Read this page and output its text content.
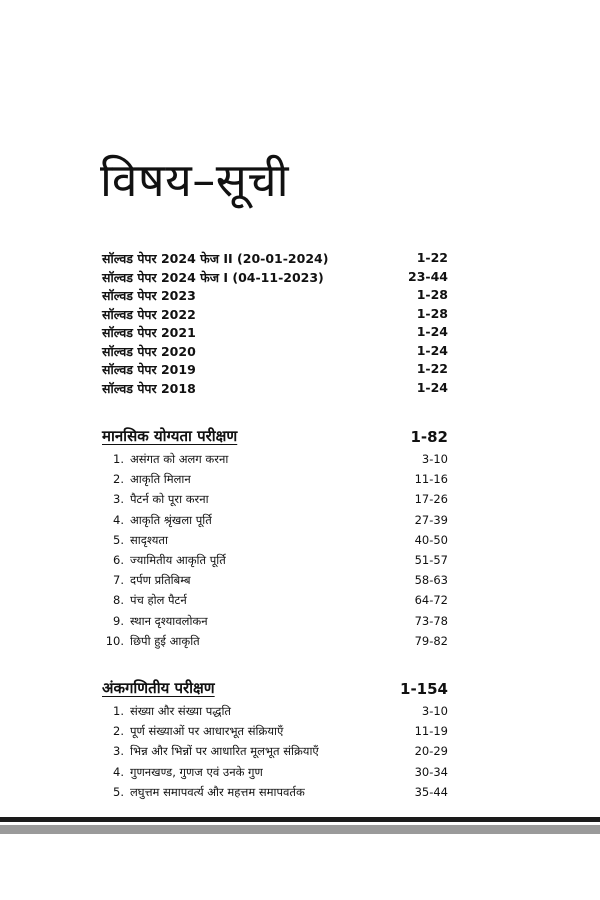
विषय–सूची
सॉल्वड पेपर 2024 फेज II (20-01-2024)	1-22
सॉल्वड पेपर 2024 फेज I (04-11-2023)	23-44
सॉल्वड पेपर 2023	1-28
सॉल्वड पेपर 2022	1-28
सॉल्वड पेपर 2021	1-24
सॉल्वड पेपर 2020	1-24
सॉल्वड पेपर 2019	1-22
सॉल्वड पेपर 2018	1-24
मानसिक योग्यता परीक्षण	1-82
1. असंगत को अलग करना	3-10
2. आकृति मिलान	11-16
3. पैटर्न को पूरा करना	17-26
4. आकृति श्रृंखला पूर्ति	27-39
5. सादृश्यता	40-50
6. ज्यामितीय आकृति पूर्ति	51-57
7. दर्पण प्रतिबिम्ब	58-63
8. पंच होल पैटर्न	64-72
9. स्थान दृश्यावलोकन	73-78
10. छिपी हुई आकृति	79-82
अंकगणितीय परीक्षण	1-154
1. संख्या और संख्या पद्धति	3-10
2. पूर्ण संख्याओं पर आधारभूत संक्रियाएँ	11-19
3. भिन्न और भिन्नों पर आधारित मूलभूत संक्रियाएँ	20-29
4. गुणनखण्ड, गुणज एवं उनके गुण	30-34
5. लघुत्तम समापवर्त्य और महत्तम समापवर्तक	35-44
